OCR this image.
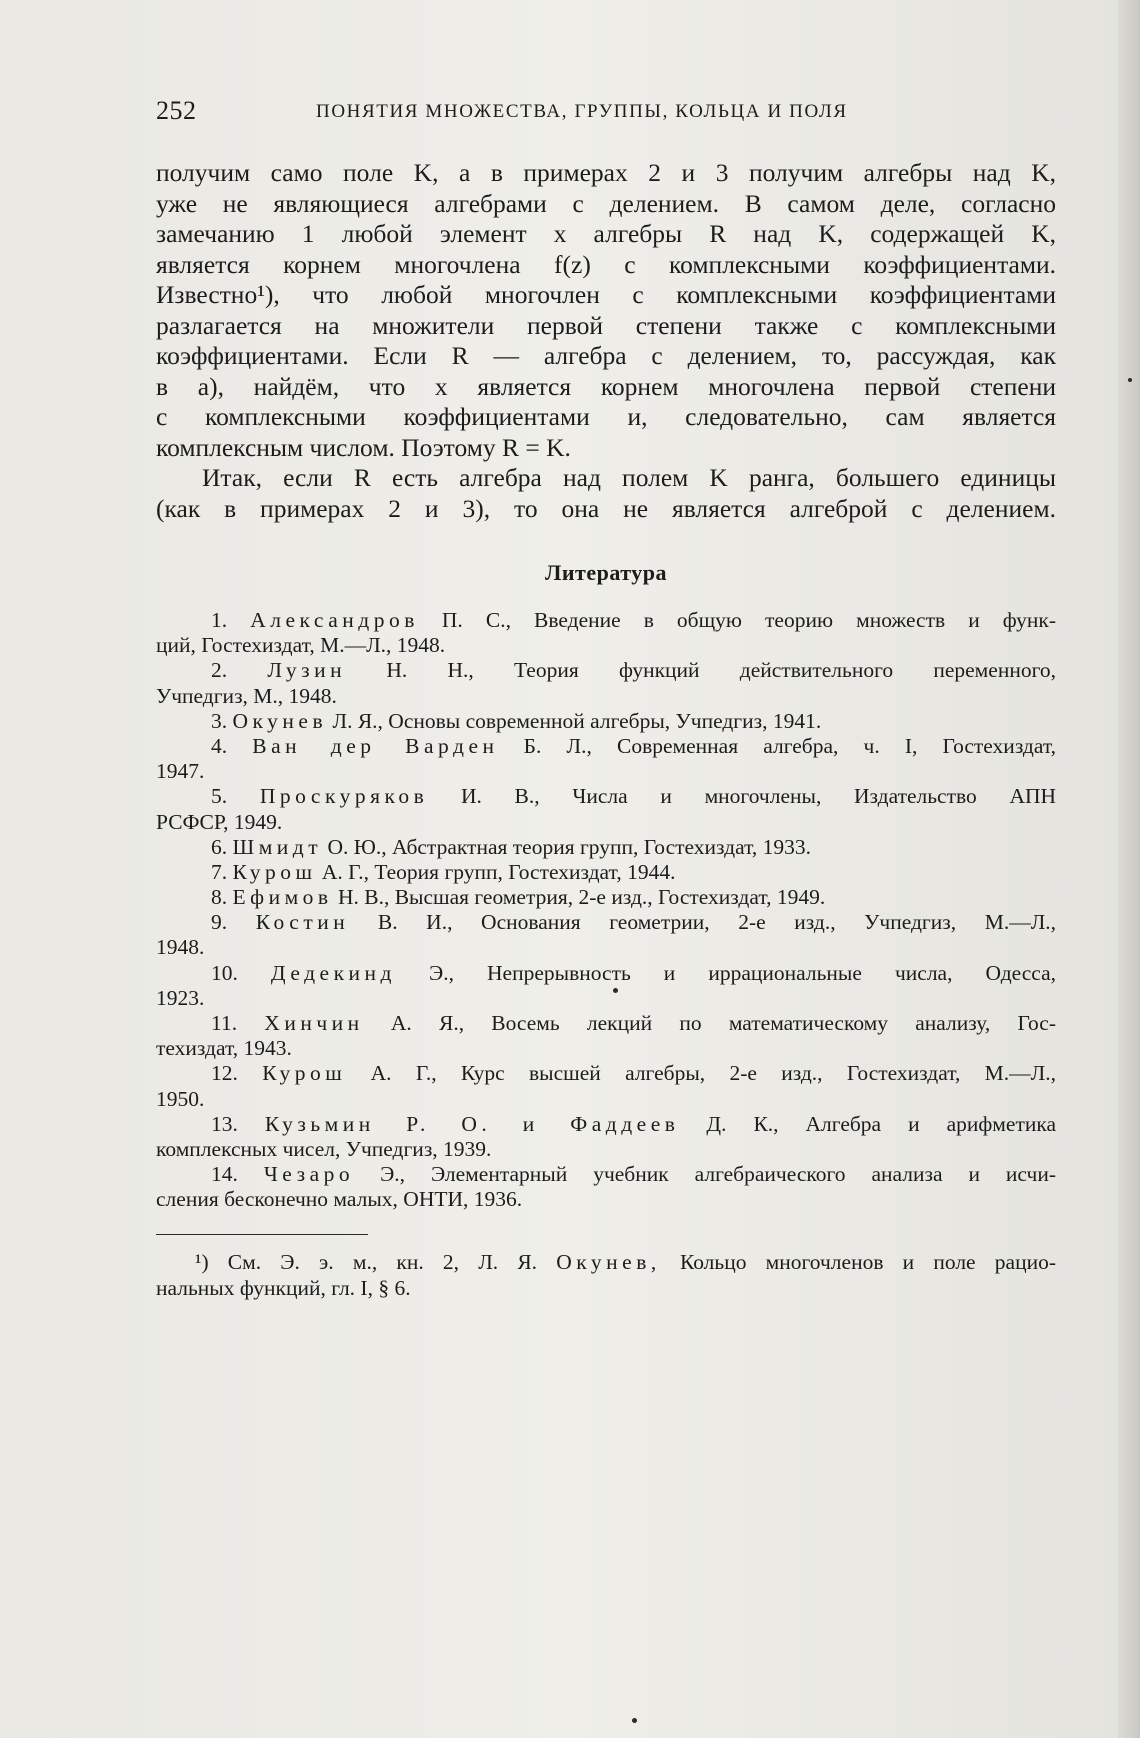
252	ПОНЯТИЯ МНОЖЕСТВА, ГРУППЫ, КОЛЬЦА И ПОЛЯ
получим само поле K, а в примерах 2 и 3 получим алгебры над K,
уже не являющиеся алгебрами с делением. В самом деле, согласно
замечанию 1 любой элемент x алгебры R над K, содержащей K,
является корнем многочлена f(z) с комплексными коэффициентами.
Известно¹), что любой многочлен с комплексными коэффициентами
разлагается на множители первой степени также с комплексными
коэффициентами. Если R — алгебра с делением, то, рассуждая, как
в а), найдём, что x является корнем многочлена первой степени
с комплексными коэффициентами и, следовательно, сам является
комплексным числом. Поэтому R = K.
Итак, если R есть алгебра над полем K ранга, большего единицы
(как в примерах 2 и 3), то она не является алгеброй с делением.
Литература
1. Александров П. С., Введение в общую теорию множеств и функ-
ций, Гостехиздат, М.—Л., 1948.
2. Лузин Н. Н., Теория функций действительного переменного,
Учпедгиз, М., 1948.
3. Окунев Л. Я., Основы современной алгебры, Учпедгиз, 1941.
4. Ван дер Варден Б. Л., Современная алгебра, ч. I, Гостехиздат,
1947.
5. Проскуряков И. В., Числа и многочлены, Издательство АПН
РСФСР, 1949.
6. Шмидт О. Ю., Абстрактная теория групп, Гостехиздат, 1933.
7. Курош А. Г., Теория групп, Гостехиздат, 1944.
8. Ефимов Н. В., Высшая геометрия, 2-е изд., Гостехиздат, 1949.
9. Костин В. И., Основания геометрии, 2-е изд., Учпедгиз, М.—Л.,
1948.
10. Дедекинд Э., Непрерывность и иррациональные числа, Одесса,
1923.
11. Хинчин А. Я., Восемь лекций по математическому анализу, Гос-
техиздат, 1943.
12. Курош А. Г., Курс высшей алгебры, 2-е изд., Гостехиздат, М.—Л.,
1950.
13. Кузьмин Р. О. и Фаддеев Д. К., Алгебра и арифметика
комплексных чисел, Учпедгиз, 1939.
14. Чезаро Э., Элементарный учебник алгебраического анализа и исчи-
сления бесконечно малых, ОНТИ, 1936.
¹) См. Э. э. м., кн. 2, Л. Я. Окунев, Кольцо многочленов и поле рацио-
нальных функций, гл. I, § 6.
